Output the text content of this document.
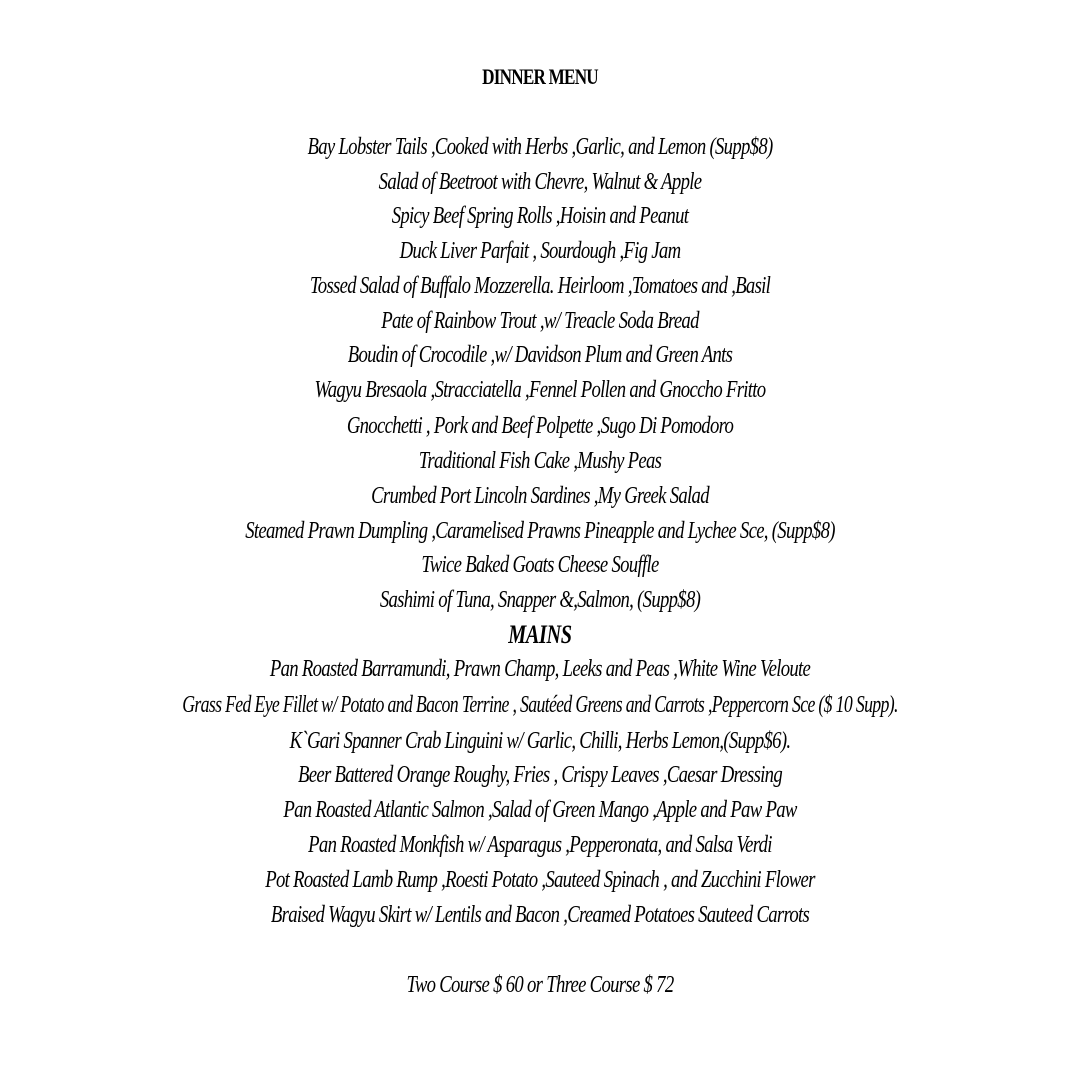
DINNER MENU
Bay Lobster Tails ,Cooked with Herbs ,Garlic, and Lemon (Supp$8)
Salad of Beetroot with Chevre, Walnut & Apple
Spicy Beef Spring Rolls ,Hoisin and Peanut
Duck Liver Parfait , Sourdough ,Fig Jam
Tossed Salad of Buffalo Mozzerella. Heirloom ,Tomatoes and ,Basil
Pate of Rainbow Trout ,w/ Treacle Soda Bread
Boudin of Crocodile ,w/ Davidson Plum and Green Ants
Wagyu Bresaola ,Stracciatella ,Fennel Pollen and Gnoccho Fritto
Gnocchetti , Pork and Beef Polpette ,Sugo Di Pomodoro
Traditional Fish Cake ,Mushy Peas
Crumbed Port Lincoln Sardines ,My Greek Salad
Steamed Prawn Dumpling ,Caramelised Prawns Pineapple and Lychee Sce, (Supp$8)
Twice Baked Goats Cheese Souffle
Sashimi of Tuna, Snapper &,Salmon, (Supp$8)
MAINS
Pan Roasted Barramundi, Prawn Champ, Leeks and Peas ,White Wine Veloute
Grass Fed Eye Fillet w/ Potato and Bacon Terrine , Sautéed Greens and Carrots ,Peppercorn Sce ($ 10 Supp).
K`Gari Spanner Crab Linguini w/ Garlic, Chilli, Herbs Lemon,(Supp$6).
Beer Battered Orange Roughy, Fries , Crispy Leaves ,Caesar Dressing
Pan Roasted Atlantic Salmon ,Salad of Green Mango ,Apple and Paw Paw
Pan Roasted Monkfish w/ Asparagus ,Pepperonata, and Salsa Verdi
Pot Roasted Lamb Rump ,Roesti Potato ,Sauteed Spinach , and Zucchini Flower
Braised Wagyu Skirt w/ Lentils and Bacon ,Creamed Potatoes Sauteed Carrots
Two Course $ 60 or Three Course $ 72
